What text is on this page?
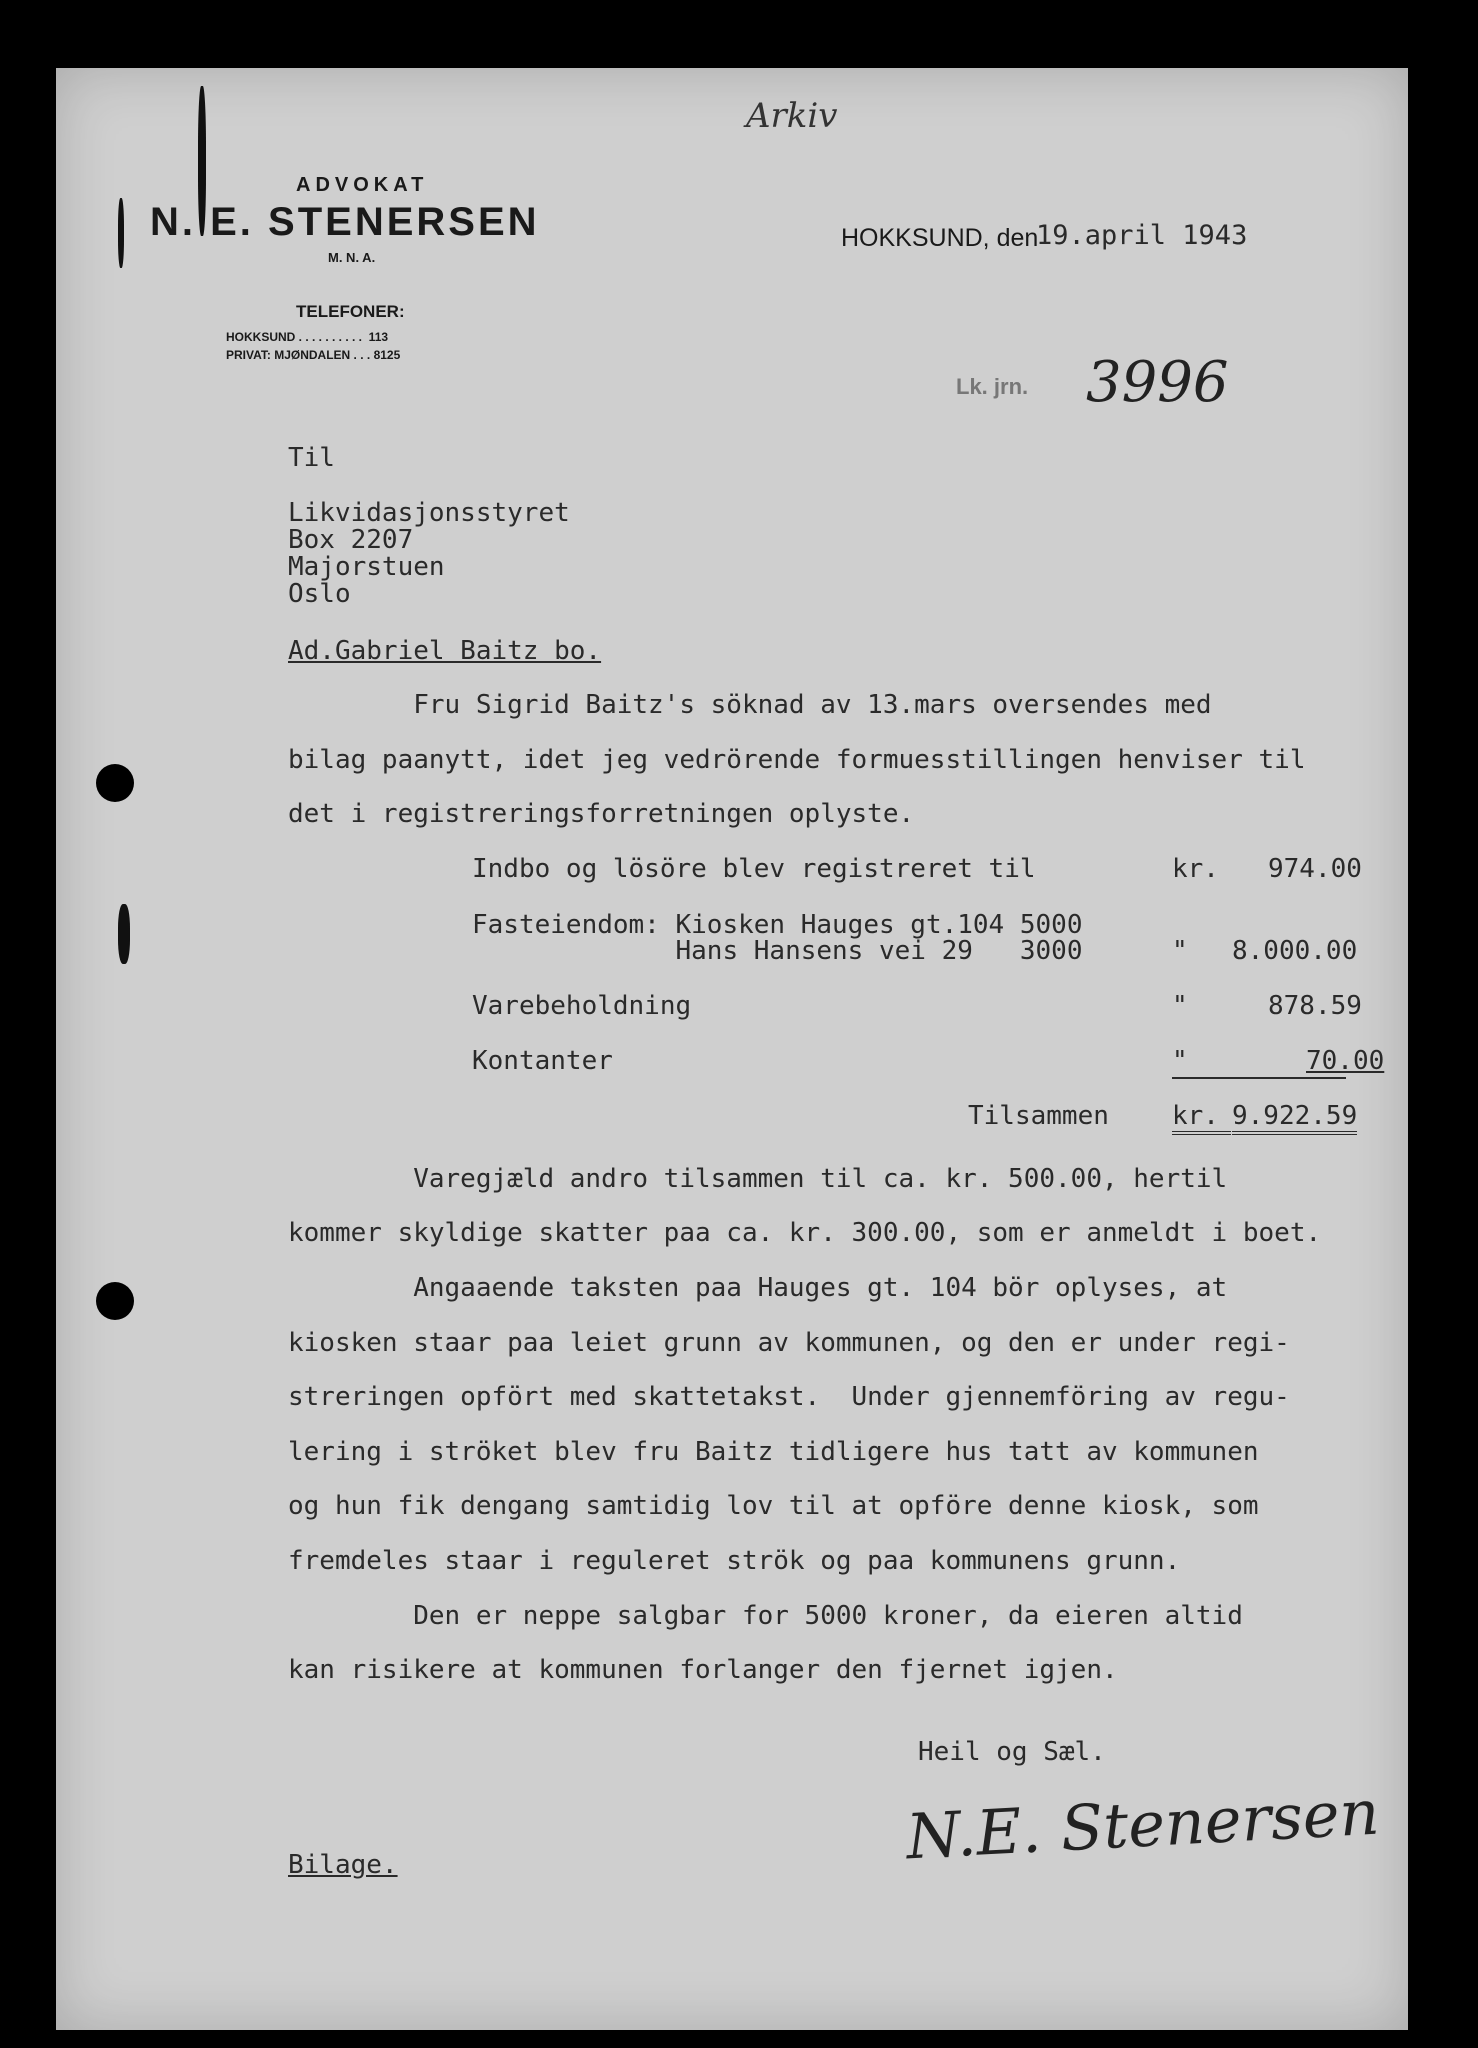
Arkiv
ADVOKAT
N. E. STENERSEN
M. N. A.
TELEFONER:
HOKKSUND . . . . . . . . . .  113
PRIVAT: MJØNDALEN . . . 8125
HOKKSUND, den
19.april 1943
Lk. jrn. 3996
Til
Likvidasjonsstyret
Box 2207
Majorstuen
Oslo
Ad.Gabriel Baitz bo.
Fru Sigrid Baitz's söknad av 13.mars oversendes med
bilag paanytt, idet jeg vedrörende formuesstillingen henviser til
det i registreringsforretningen oplyste.
Indbo og lösöre blev registreret til	kr. 974.00
Fasteiendom: Kiosken Hauges gt.104 5000
Hans Hansens vei 29   3000	" 8.000.00
Varebeholdning	"	878.59
Kontanter	"	70.00
Tilsammen kr. 9.922.59
Varegjæld andro tilsammen til ca. kr. 500.00, hertil
kommer skyldige skatter paa ca. kr. 300.00, som er anmeldt i boet.
Angaaende taksten paa Hauges gt. 104 bör oplyses, at
kiosken staar paa leiet grunn av kommunen, og den er under regi-
streringen opfört med skattetakst.  Under gjennemföring av regu-
lering i ströket blev fru Baitz tidligere hus tatt av kommunen
og hun fik dengang samtidig lov til at opföre denne kiosk, som
fremdeles staar i reguleret strök og paa kommunens grunn.
Den er neppe salgbar for 5000 kroner, da eieren altid
kan risikere at kommunen forlanger den fjernet igjen.
Heil og Sæl.
N.E. Stenersen
Bilage.
